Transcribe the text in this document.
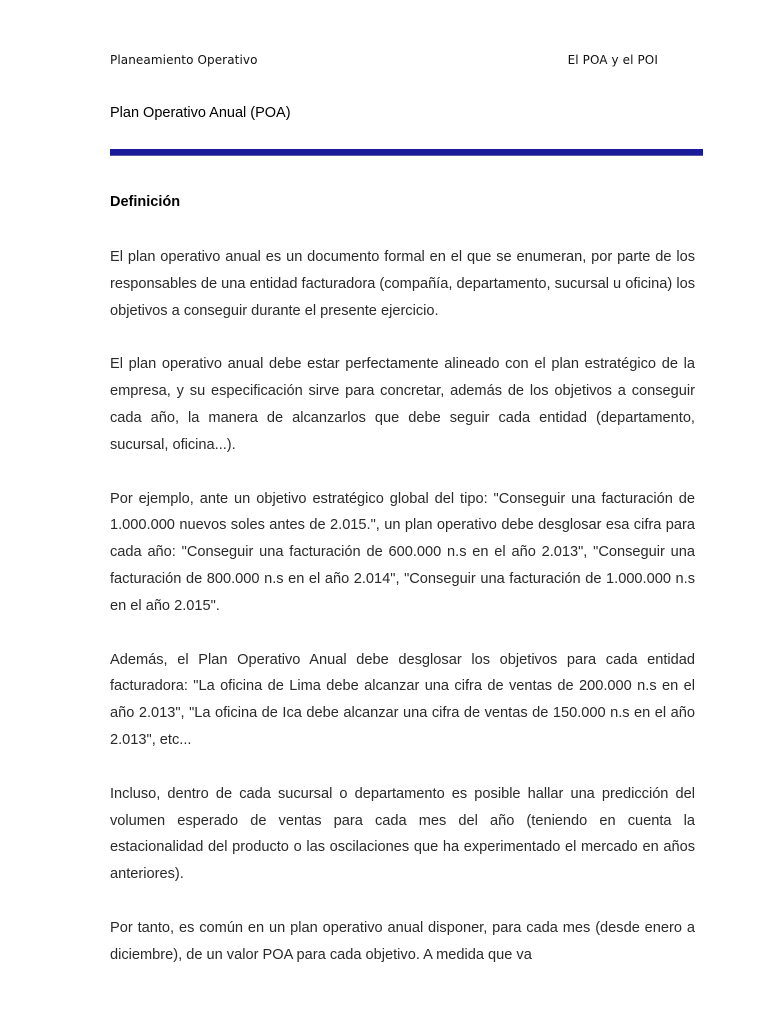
Planeamiento Operativo	El POA y el POI
Plan Operativo Anual (POA)
Definición

El plan operativo anual es un documento formal en el que se enumeran, por parte de los responsables de una entidad facturadora (compañía, departamento, sucursal u oficina) los objetivos a conseguir durante el presente ejercicio.

El plan operativo anual debe estar perfectamente alineado con el plan estratégico de la empresa, y su especificación sirve para concretar, además de los objetivos a conseguir cada año, la manera de alcanzarlos que debe seguir cada entidad (departamento, sucursal, oficina...).

Por ejemplo, ante un objetivo estratégico global del tipo: "Conseguir una facturación de 1.000.000 nuevos soles antes de 2.015.", un plan operativo debe desglosar esa cifra para cada año: "Conseguir una facturación de 600.000 n.s en el año 2.013", "Conseguir una facturación de 800.000 n.s en el año 2.014", "Conseguir una facturación de 1.000.000 n.s en el año 2.015".

Además, el Plan Operativo Anual debe desglosar los objetivos para cada entidad facturadora: "La oficina de Lima debe alcanzar una cifra de ventas de 200.000 n.s en el año 2.013", "La oficina de Ica debe alcanzar una cifra de ventas de 150.000 n.s en el año 2.013", etc...

Incluso, dentro de cada sucursal o departamento es posible hallar una predicción del volumen esperado de ventas para cada mes del año (teniendo en cuenta la estacionalidad del producto o las oscilaciones que ha experimentado el mercado en años anteriores).

Por tanto, es común en un plan operativo anual disponer, para cada mes (desde enero a diciembre), de un valor POA para cada objetivo. A medida que va
